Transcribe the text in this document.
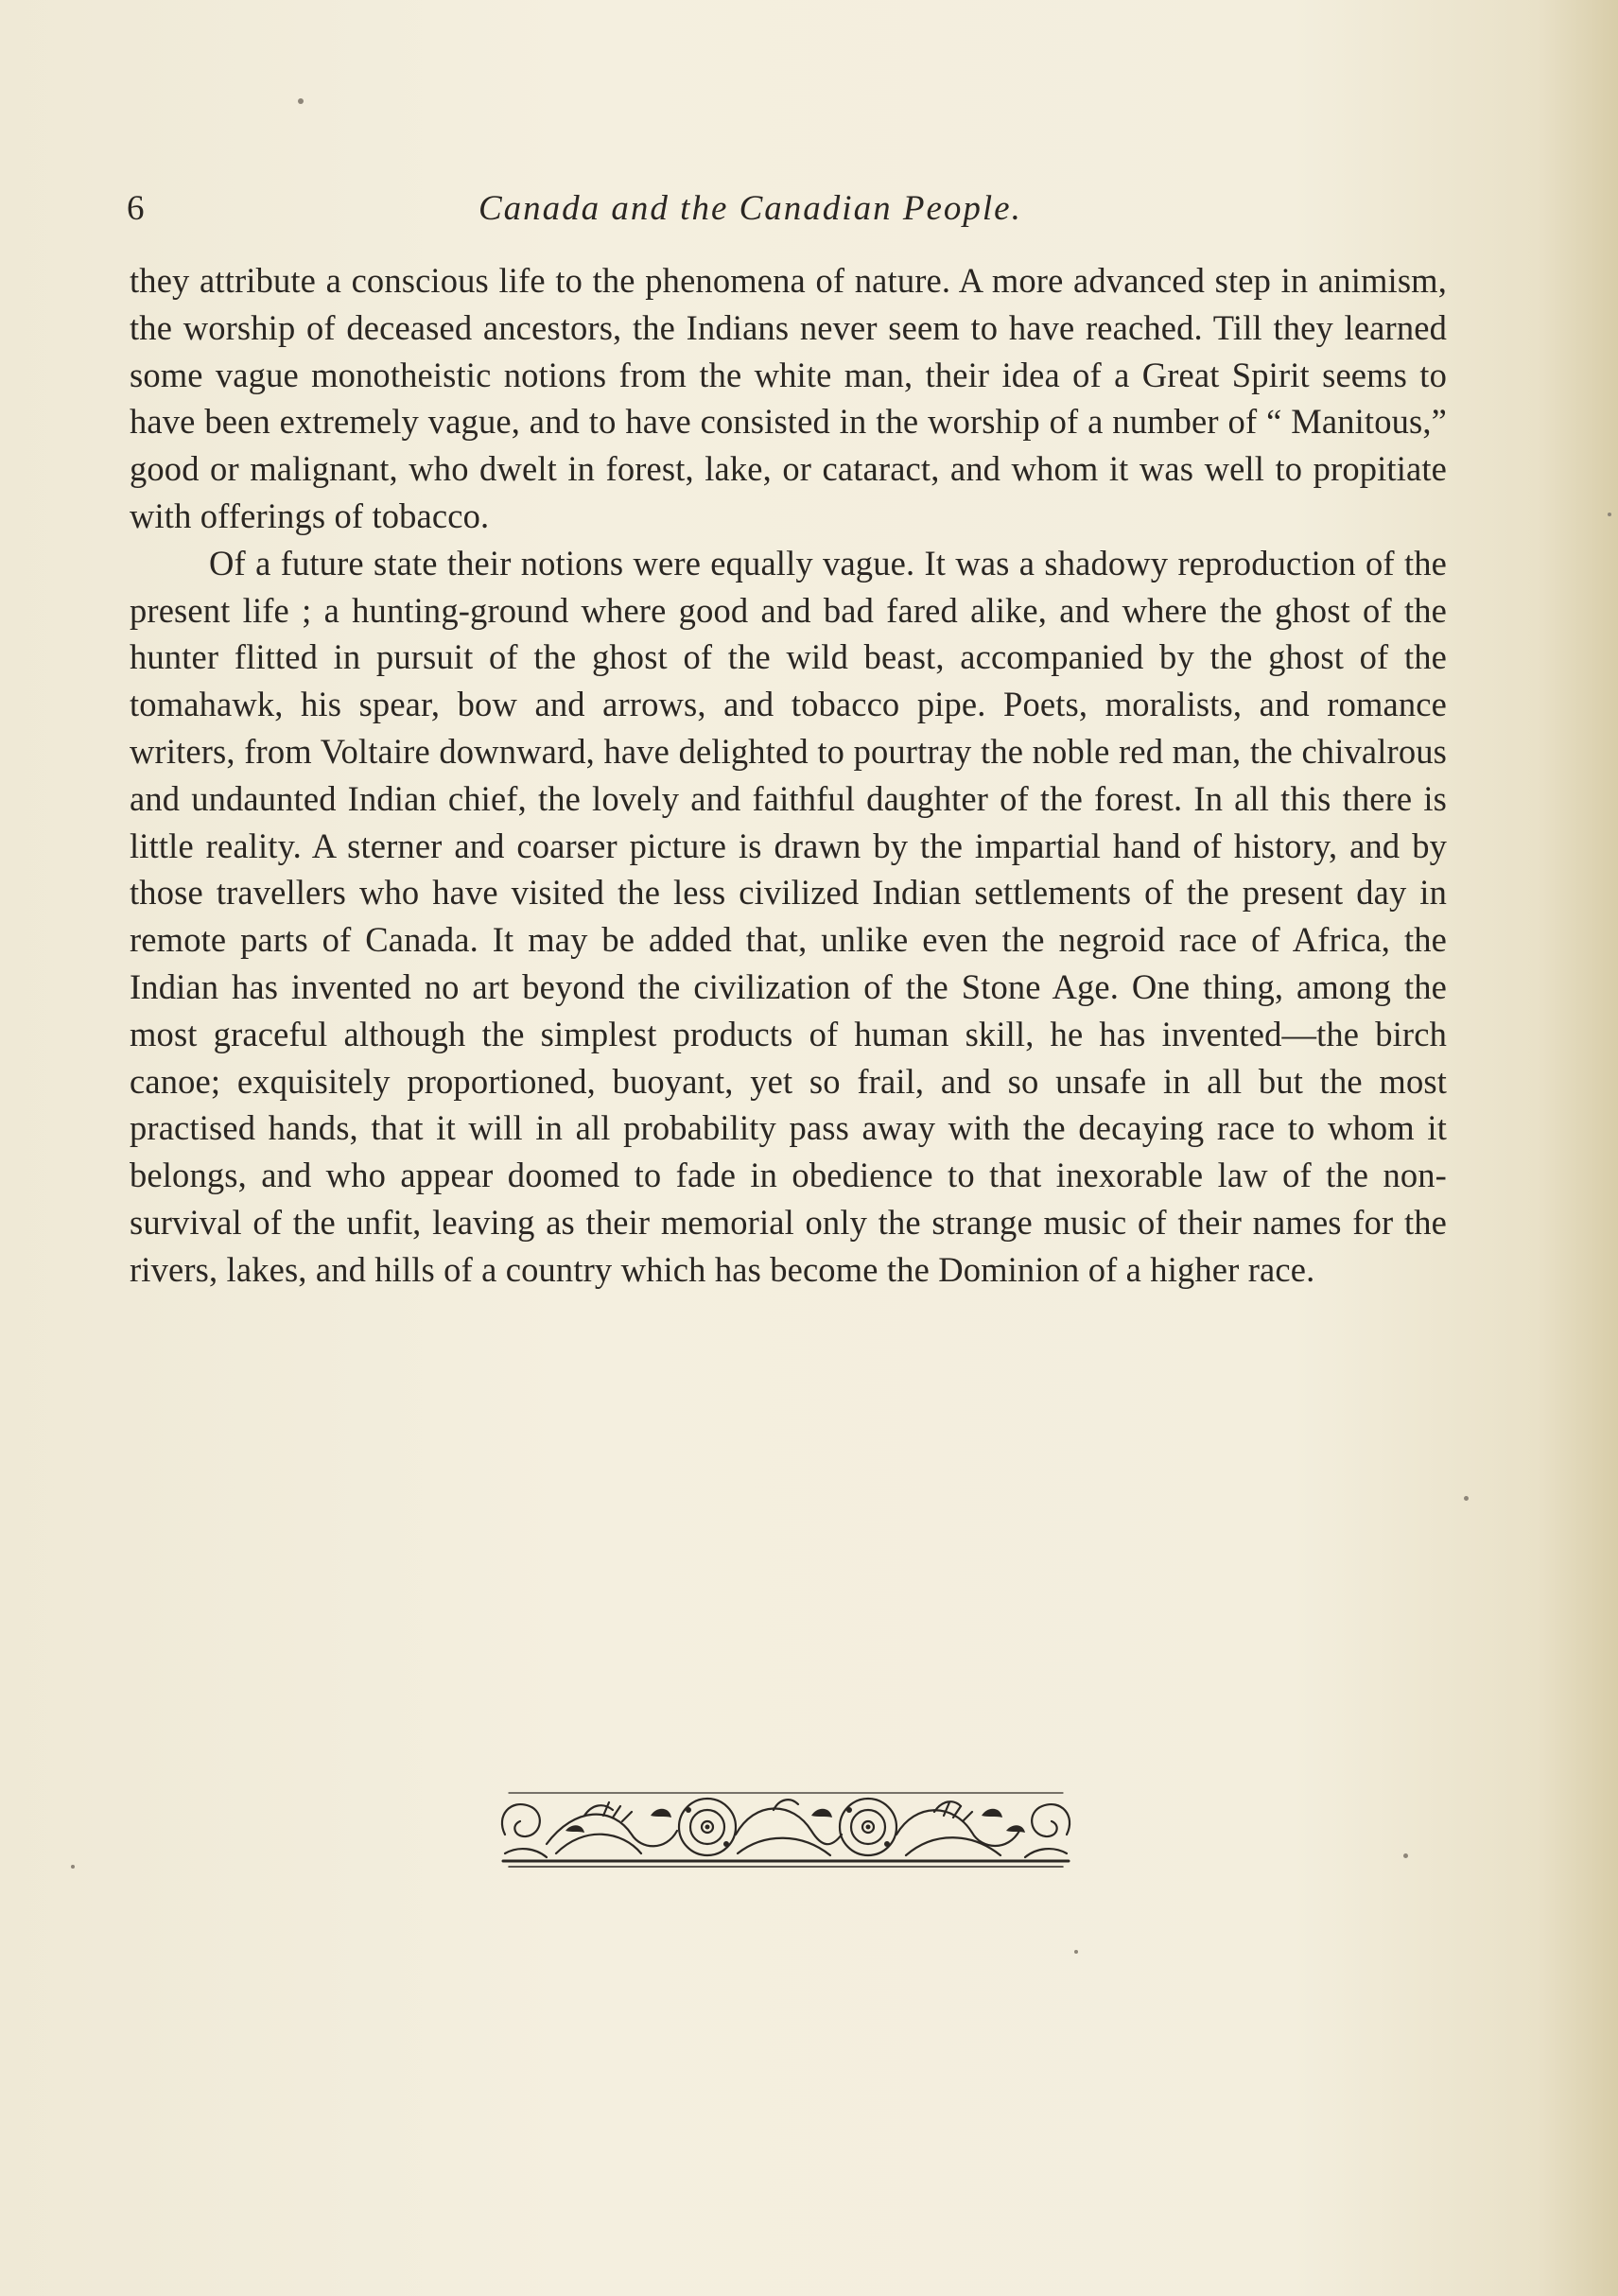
6	Canada and the Canadian People.

they attribute a conscious life to the phenomena of nature. A more advanced step in animism, the worship of deceased ancestors, the Indians never seem to have reached. Till they learned some vague monotheistic notions from the white man, their idea of a Great Spirit seems to have been extremely vague, and to have consisted in the worship of a number of “ Manitous,” good or malignant, who dwelt in forest, lake, or cataract, and whom it was well to propitiate with offerings of tobacco.

Of a future state their notions were equally vague. It was a shadowy reproduction of the present life ; a hunting-ground where good and bad fared alike, and where the ghost of the hunter flitted in pursuit of the ghost of the wild beast, accompanied by the ghost of the tomahawk, his spear, bow and arrows, and tobacco pipe. Poets, moralists, and romance writers, from Voltaire downward, have delighted to pourtray the noble red man, the chivalrous and undaunted Indian chief, the lovely and faithful daughter of the forest. In all this there is little reality. A sterner and coarser picture is drawn by the impartial hand of history, and by those travellers who have visited the less civilized Indian settlements of the present day in remote parts of Canada. It may be added that, unlike even the negroid race of Africa, the Indian has invented no art beyond the civilization of the Stone Age. One thing, among the most graceful although the simplest products of human skill, he has invented—the birch canoe; exquisitely proportioned, buoyant, yet so frail, and so unsafe in all but the most practised hands, that it will in all probability pass away with the decaying race to whom it belongs, and who appear doomed to fade in obedience to that inexorable law of the non-survival of the unfit, leaving as their memorial only the strange music of their names for the rivers, lakes, and hills of a country which has become the Dominion of a higher race.
